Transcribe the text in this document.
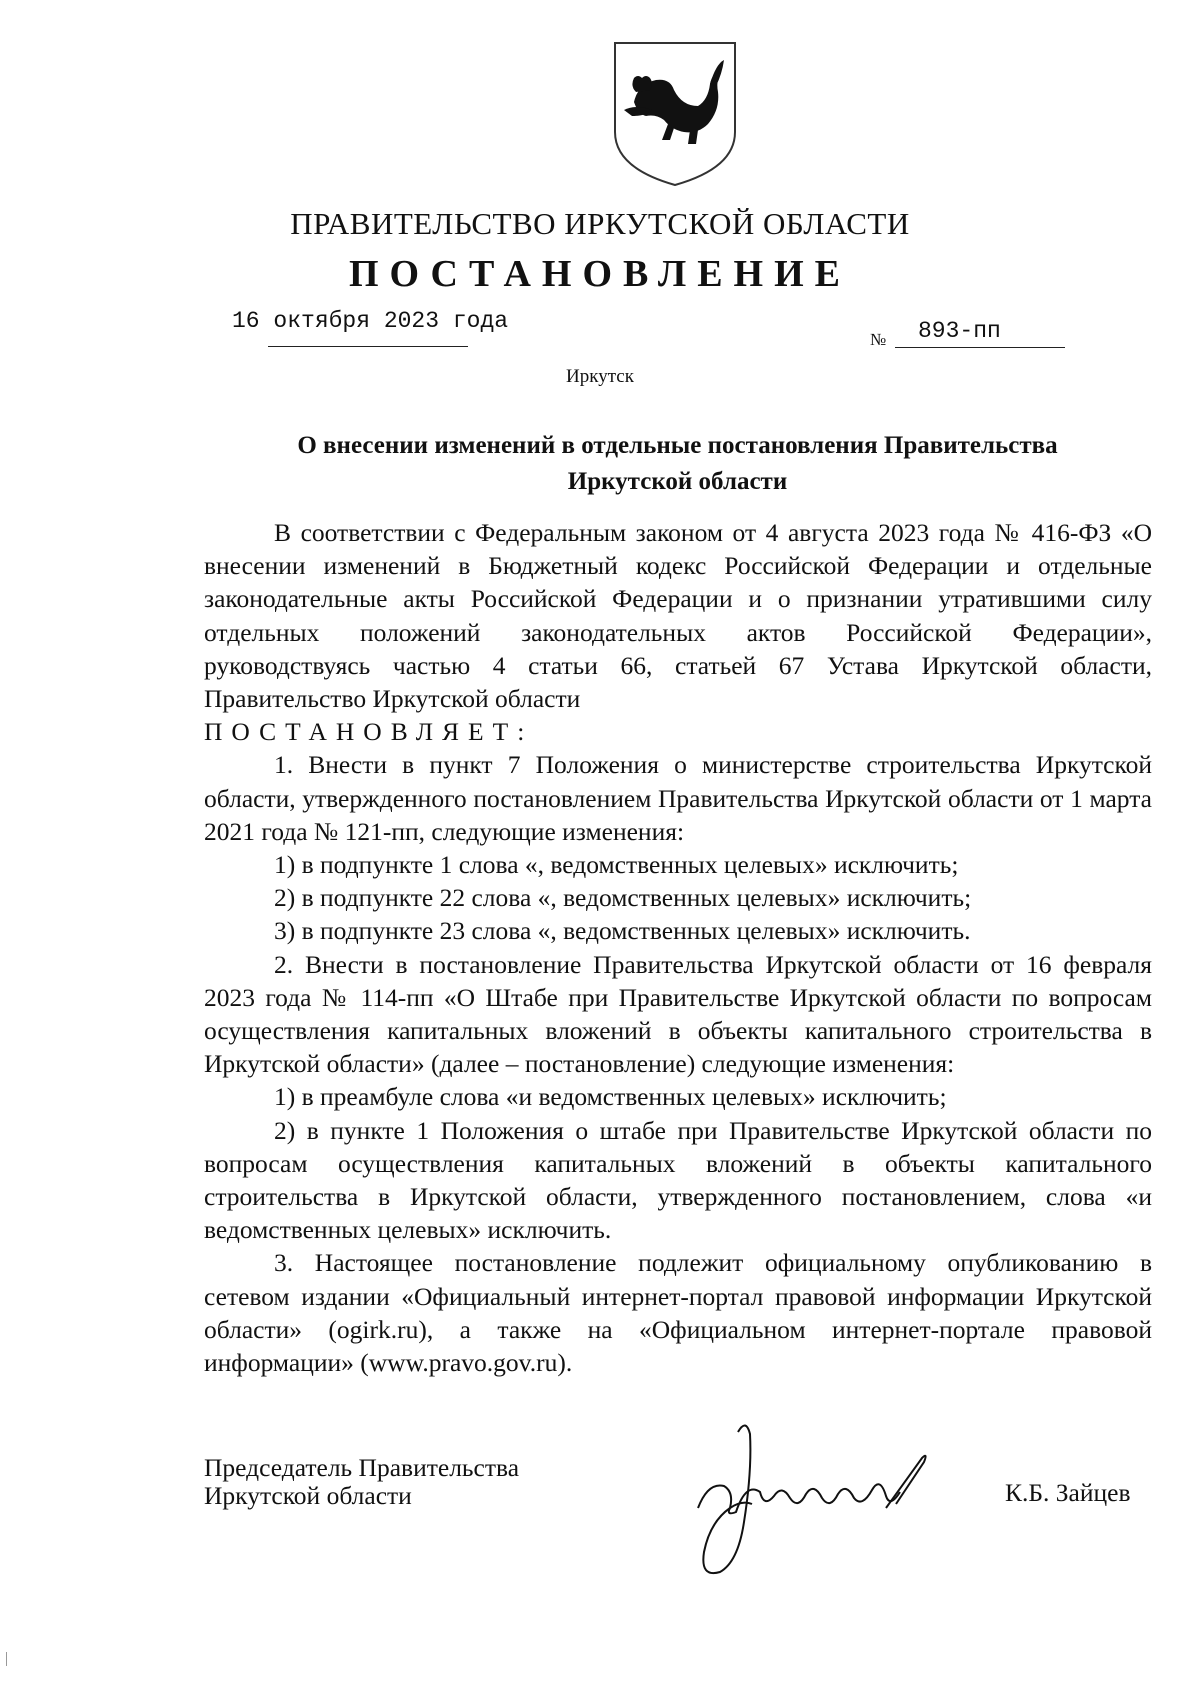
ПРАВИТЕЛЬСТВО ИРКУТСКОЙ ОБЛАСТИ
ПОСТАНОВЛЕНИЕ
16 октября 2023 года
№ 893-пп
Иркутск
О внесении изменений в отдельные постановления Правительства
Иркутской области

В соответствии с Федеральным законом от 4 августа 2023 года № 416-ФЗ «О внесении изменений в Бюджетный кодекс Российской Федерации и отдельные законодательные акты Российской Федерации и о признании утратившими силу отдельных положений законодательных актов Российской Федерации», руководствуясь частью 4 статьи 66, статьей 67 Устава Иркутской области, Правительство Иркутской области

ПОСТАНОВЛЯЕТ:

1. Внести в пункт 7 Положения о министерстве строительства Иркутской области, утвержденного постановлением Правительства Иркутской области от 1 марта 2021 года № 121-пп, следующие изменения:

1) в подпункте 1 слова «, ведомственных целевых» исключить;

2) в подпункте 22 слова «, ведомственных целевых» исключить;

3) в подпункте 23 слова «, ведомственных целевых» исключить.

2. Внести в постановление Правительства Иркутской области от 16 февраля 2023 года № 114-пп «О Штабе при Правительстве Иркутской области по вопросам осуществления капитальных вложений в объекты капитального строительства в Иркутской области» (далее – постановление) следующие изменения:

1) в преамбуле слова «и ведомственных целевых» исключить;

2) в пункте 1 Положения о штабе при Правительстве Иркутской области по вопросам осуществления капитальных вложений в объекты капитального строительства в Иркутской области, утвержденного постановлением, слова «и ведомственных целевых» исключить.

3. Настоящее постановление подлежит официальному опубликованию в сетевом издании «Официальный интернет-портал правовой информации Иркутской области» (ogirk.ru), а также на «Официальном интернет-портале правовой информации» (www.pravo.gov.ru).

Председатель Правительства
Иркутской области	К.Б. Зайцев
